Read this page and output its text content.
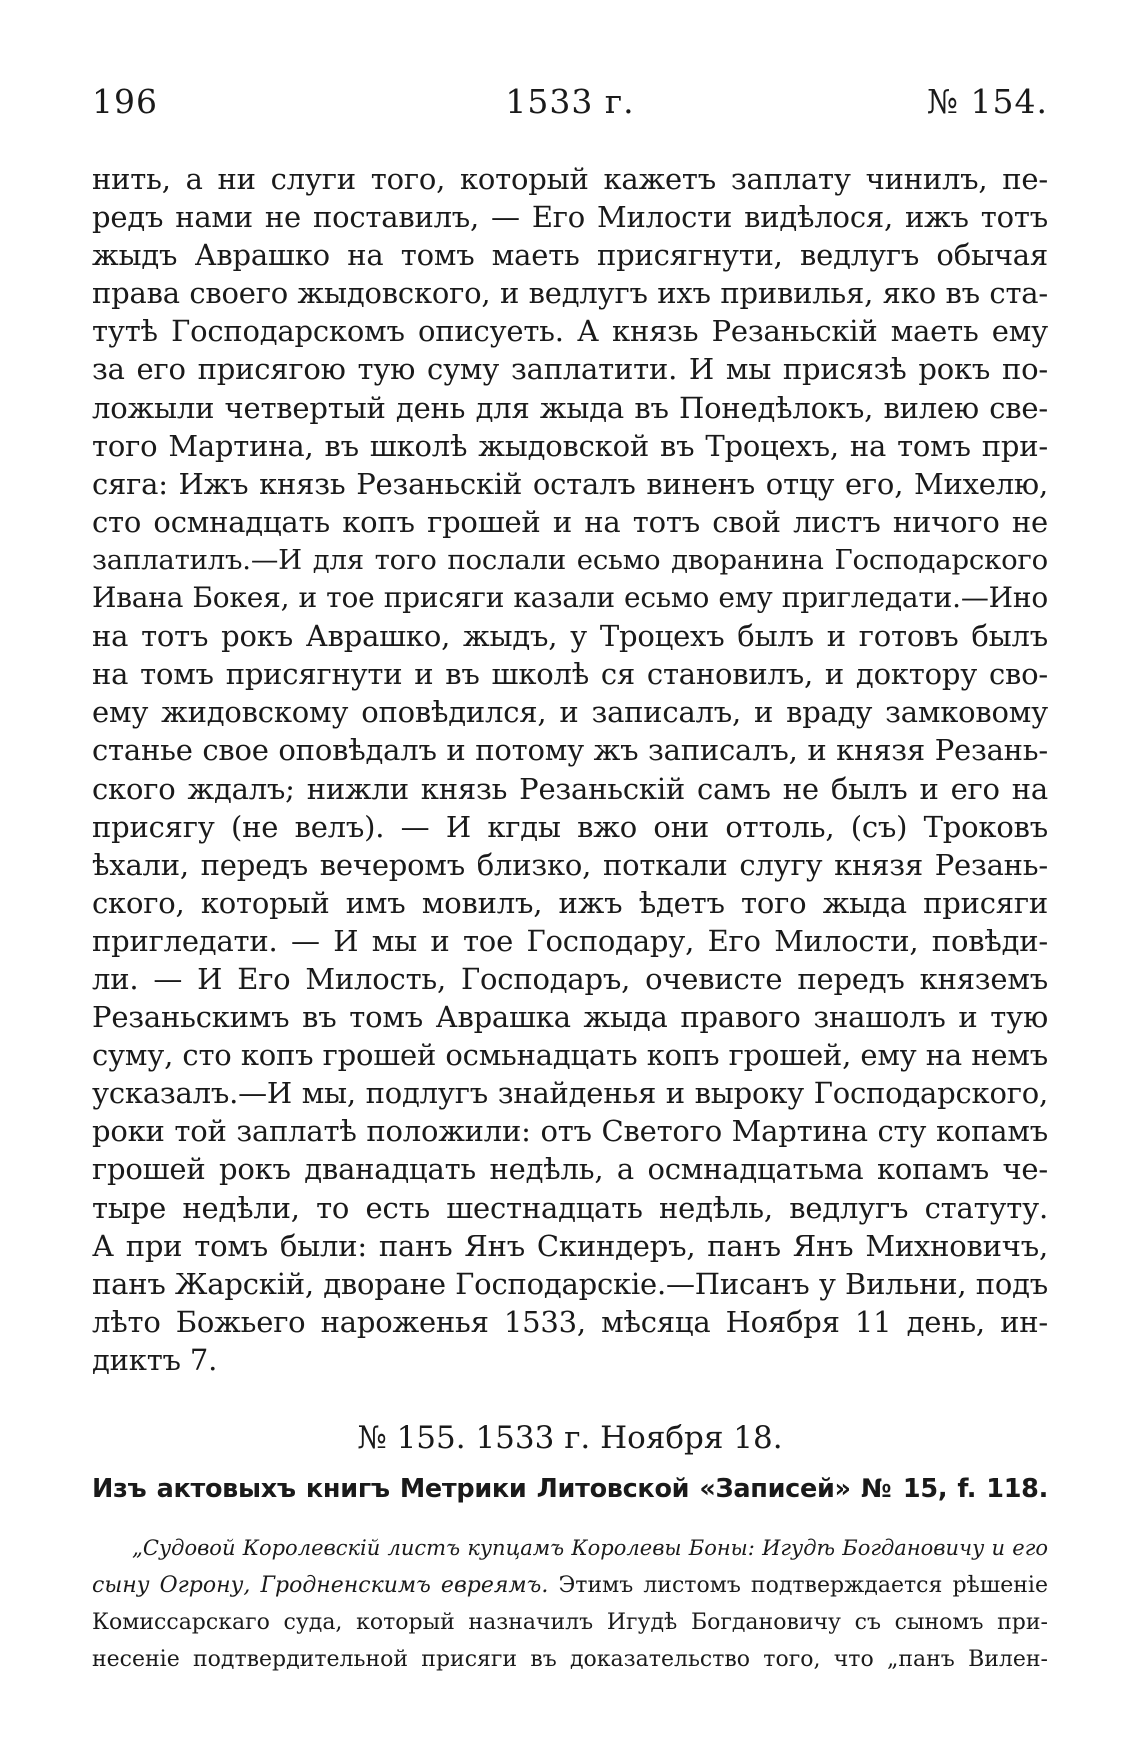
196	1533 г.	№ 154.
нить, а ни слуги того, который кажетъ заплату чинилъ, пе-
редъ нами не поставилъ, — Его Милости видѣлося, ижъ тотъ
жыдъ Аврашко на томъ маеть присягнути, ведлугъ обычая
права своего жыдовского, и ведлугъ ихъ привилья, яко въ ста-
тутѣ Господарскомъ описуеть. А князь Резаньскій маеть ему
за его присягою тую суму заплатити. И мы присязѣ рокъ по-
ложыли четвертый день для жыда въ Понедѣлокъ, вилею све-
того Мартина, въ школѣ жыдовской въ Троцехъ, на томъ при-
сяга: Ижъ князь Резаньскій осталъ виненъ отцу его, Михелю,
сто осмнадцать копъ грошей и на тотъ свой листъ ничого не
заплатилъ.—И для того послали есьмо дворанина Господарского
Ивана Бокея, и тое присяги казали есьмо ему пригледати.—Ино
на тотъ рокъ Аврашко, жыдъ, у Троцехъ былъ и готовъ былъ
на томъ присягнути и въ школѣ ся становилъ, и доктору сво-
ему жидовскому оповѣдился, и записалъ, и враду замковому
станье свое оповѣдалъ и потому жъ записалъ, и князя Резань-
ского ждалъ; нижли князь Резаньскій самъ не былъ и его на
присягу (не велъ). — И кгды вжо они оттоль, (съ) Троковъ
ѣхали, передъ вечеромъ близко, поткали слугу князя Резань-
ского, который имъ мовилъ, ижъ ѣдетъ того жыда присяги
пригледати. — И мы и тое Господару, Его Милости, повѣди-
ли. — И Его Милость, Господаръ, очевисте передъ княземъ
Резаньскимъ въ томъ Аврашка жыда правого знашолъ и тую
суму, сто копъ грошей осмьнадцать копъ грошей, ему на немъ
усказалъ.—И мы, подлугъ знайденья и выроку Господарского,
роки той заплатѣ положили: отъ Светого Мартина сту копамъ
грошей рокъ дванадцать недѣль, а осмнадцатьма копамъ че-
тыре недѣли, то есть шестнадцать недѣль, ведлугъ статуту.
А при томъ были: панъ Янъ Скиндеръ, панъ Янъ Михновичъ,
панъ Жарскій, дворане Господарскіе.—Писанъ у Вильни, подъ
лѣто Божьего нароженья 1533, мѣсяца Ноября 11 день, ин-
диктъ 7.
№ 155. 1533 г. Ноября 18.
Изъ актовыхъ книгъ Метрики Литовской «Записей» № 15, f. 118.
„Судовой Королевскій листъ купцамъ Королевы Боны: Игудѣ Богдановичу и его
сыну Огрону, Гродненскимъ евреямъ. Этимъ листомъ подтверждается рѣшеніе
Комиссарскаго суда, который назначилъ Игудѣ Богдановичу съ сыномъ при-
несеніе подтвердительной присяги въ доказательство того, что „панъ Вилен-
